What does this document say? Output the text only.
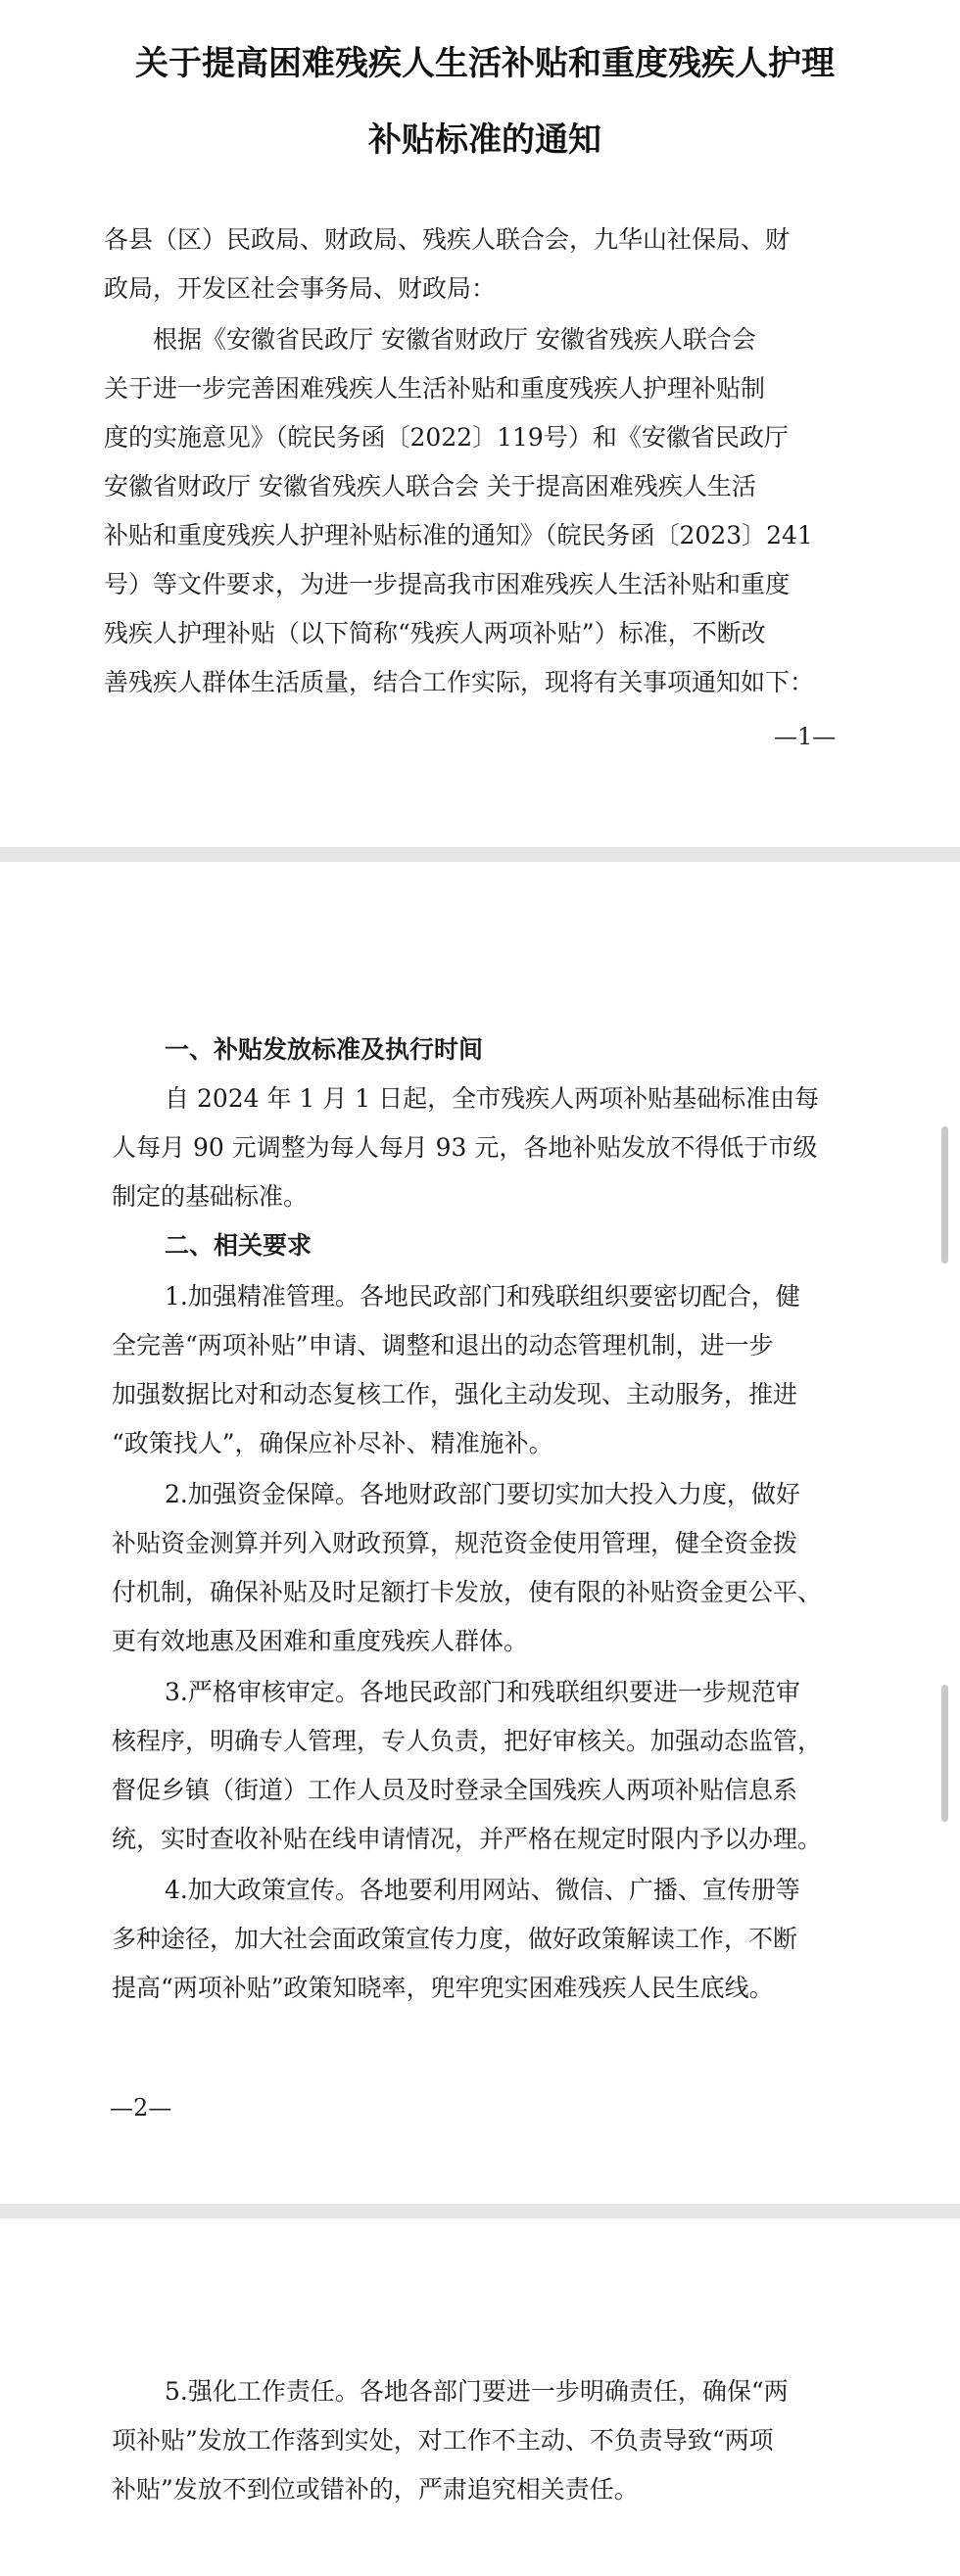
关于提高困难残疾人生活补贴和重度残疾人护理
补贴标准的通知
各县（区）民政局、财政局、残疾人联合会，九华山社保局、财
政局，开发区社会事务局、财政局：
根据《安徽省民政厅 安徽省财政厅 安徽省残疾人联合会
关于进一步完善困难残疾人生活补贴和重度残疾人护理补贴制
度的实施意见》（皖民务函〔2022〕119号）和《安徽省民政厅
安徽省财政厅 安徽省残疾人联合会 关于提高困难残疾人生活
补贴和重度残疾人护理补贴标准的通知》（皖民务函〔2023〕241
号）等文件要求，为进一步提高我市困难残疾人生活补贴和重度
残疾人护理补贴（以下简称“残疾人两项补贴”）标准，不断改
善残疾人群体生活质量，结合工作实际，现将有关事项通知如下：
—1—
一、补贴发放标准及执行时间
自 2024 年 1 月 1 日起，全市残疾人两项补贴基础标准由每
人每月 90 元调整为每人每月 93 元，各地补贴发放不得低于市级
制定的基础标准。
二、相关要求
1.加强精准管理。各地民政部门和残联组织要密切配合，健
全完善“两项补贴”申请、调整和退出的动态管理机制，进一步
加强数据比对和动态复核工作，强化主动发现、主动服务，推进
“政策找人”，确保应补尽补、精准施补。
2.加强资金保障。各地财政部门要切实加大投入力度，做好
补贴资金测算并列入财政预算，规范资金使用管理，健全资金拨
付机制，确保补贴及时足额打卡发放，使有限的补贴资金更公平、
更有效地惠及困难和重度残疾人群体。
3.严格审核审定。各地民政部门和残联组织要进一步规范审
核程序，明确专人管理，专人负责，把好审核关。加强动态监管，
督促乡镇（街道）工作人员及时登录全国残疾人两项补贴信息系
统，实时查收补贴在线申请情况，并严格在规定时限内予以办理。
4.加大政策宣传。各地要利用网站、微信、广播、宣传册等
多种途径，加大社会面政策宣传力度，做好政策解读工作，不断
提高“两项补贴”政策知晓率，兜牢兜实困难残疾人民生底线。
—2—
5.强化工作责任。各地各部门要进一步明确责任，确保“两
项补贴”发放工作落到实处，对工作不主动、不负责导致“两项
补贴”发放不到位或错补的，严肃追究相关责任。
